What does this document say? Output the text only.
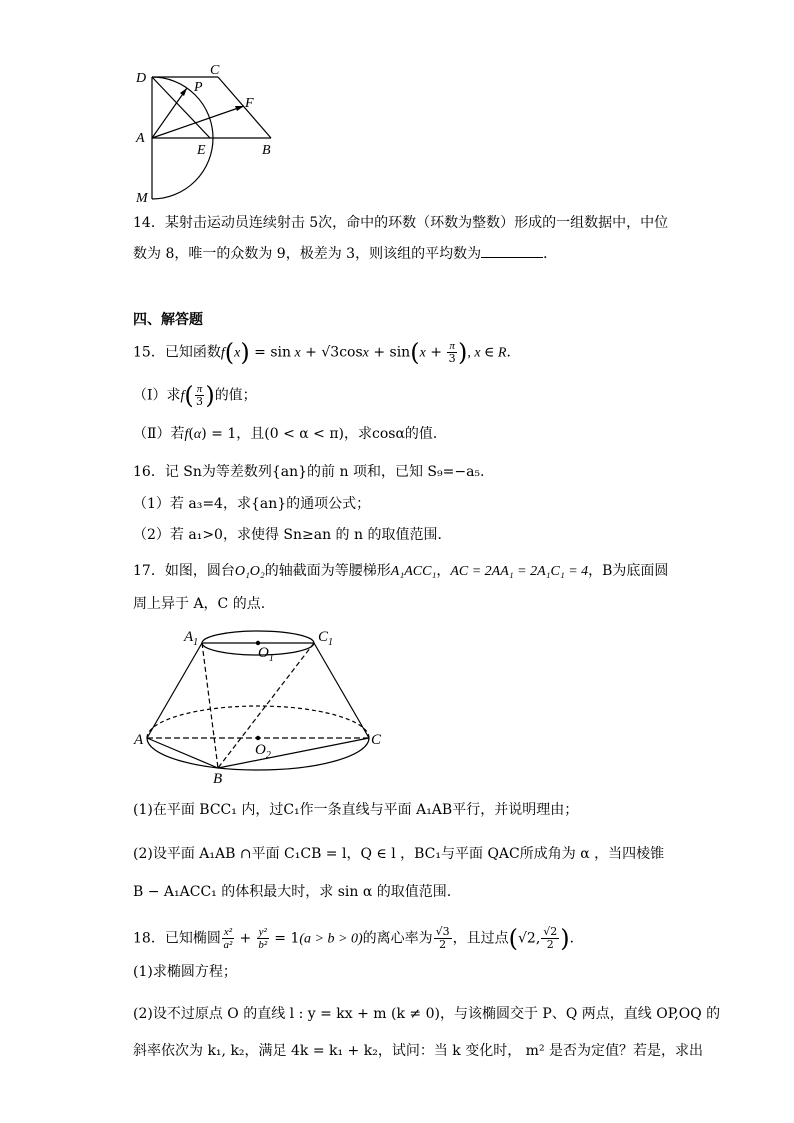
D
P
C
F
A
E	B
M
14．某射击运动员连续射击 5次，命中的环数（环数为整数）形成的一组数据中，中位
数为 8，唯一的众数为 9，极差为 3，则该组的平均数为	．
四、解答题
15．已知函数$f(x) = \sin x + √3\cos x + \sin(x + \frac{\pi}{3}$ ), x ∈ R．
（Ⅰ）求$f( \frac{\pi}{3}$ )的值；
（Ⅱ）若f(α) = 1，且(0 < α < π)，求cosα的值．
16．记 Sn为等差数列{an}的前 n 项和，已知 S₉=−a₅.
（1）若 a₃=4，求{an}的通项公式；
（2）若 a₁>0，求使得 Sn≥an 的 n 的取值范围．
17．如图，圆台O₁O₂的轴截面为等腰梯形A₁ACC₁，AC = 2AA₁ = 2A₁C₁ = 4，B为底面圆
周上异于 A，C 的点.
$A_1$	$C_1$
$O_1$
A
$O_2$
C
B
(1)在平面 BCC₁ 内，过C₁作一条直线与平面 A₁AB平行，并说明理由；
(2)设平面 A₁AB ∩平面 C₁CB = l，Q ∈ l ，BC₁与平面 QAC所成角为 α ，当四棱锥
B − A₁ACC₁ 的体积最大时，求 sin α 的取值范围.
18．已知椭圆 $\frac{\text{x²}}{\text{a²}} + \frac{\text{y²}}{\text{b²}} = 1(a > b > 0)$的离心率为 $\frac{√3}{2}$ ，且过点(√2, $\frac{√2}{2}$ )．
(1)求椭圆方程；
(2)设不过原点 O 的直线 l : y = kx + m (k ≠ 0)，与该椭圆交于 P、Q 两点，直线 OP,OQ 的
斜率依次为 k₁, k₂，满足 4k = k₁ + k₂，试问：当 k 变化时， m² 是否为定值？若是，求出
